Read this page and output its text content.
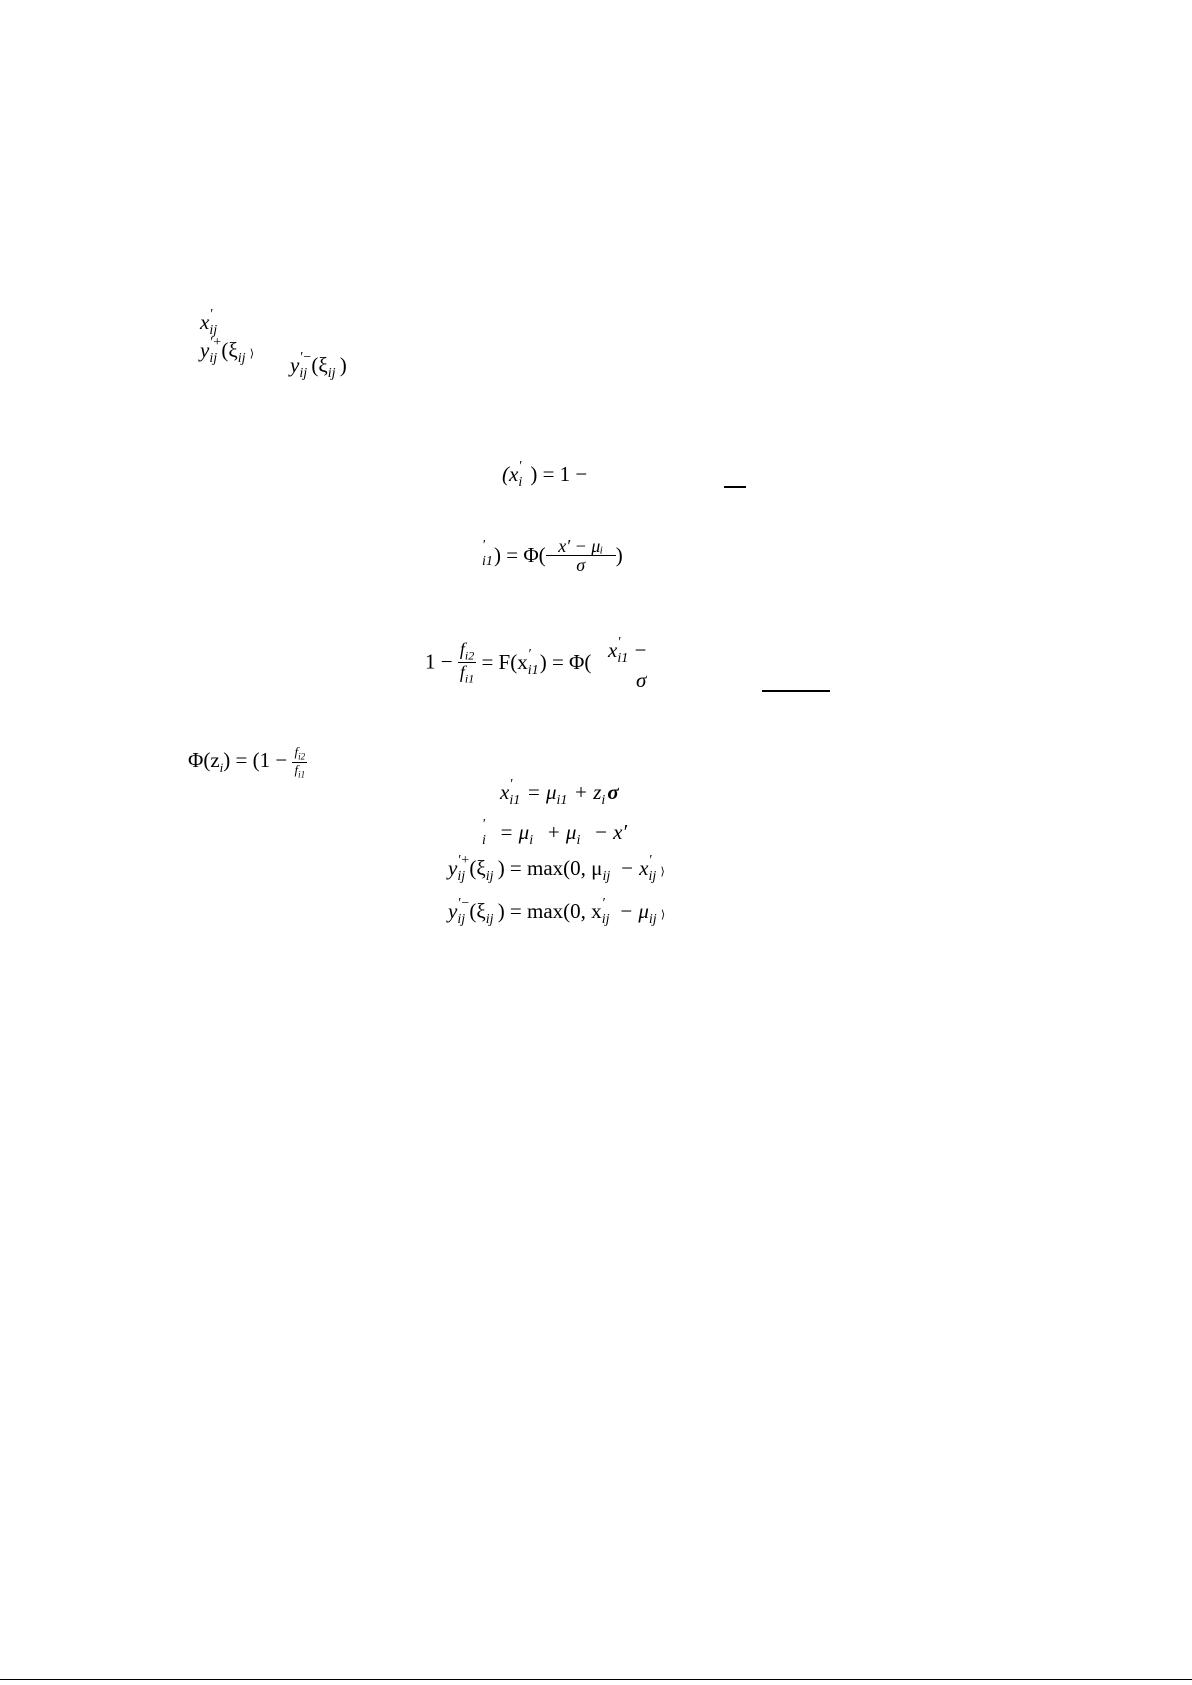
x ′
ij
y ′+
ij (ξij ⟩ y ′−
ij (ξij )
(x ′
i ) = 1 −
′
$i1) = \Phi( \frac{\text{x′ − μᵢ}}{\sigma}$ )
$1 - \frac{f_{i2}}{f_{i1}} = F(x$ ′
i1) = Φ( x ′
i1 −
σ
$\Phi(z_i) = (1 - \frac{f_{i2}}{f_{i1}}$
x ′
i1 = μi1 + zi σ
′
i = μi + μi − x′
y ′+
ij (ξij ) = max(0, μij − x ′
ij ⟩
y ′−
ij (ξij ) = max(0, x ′
ij − μij ⟩
